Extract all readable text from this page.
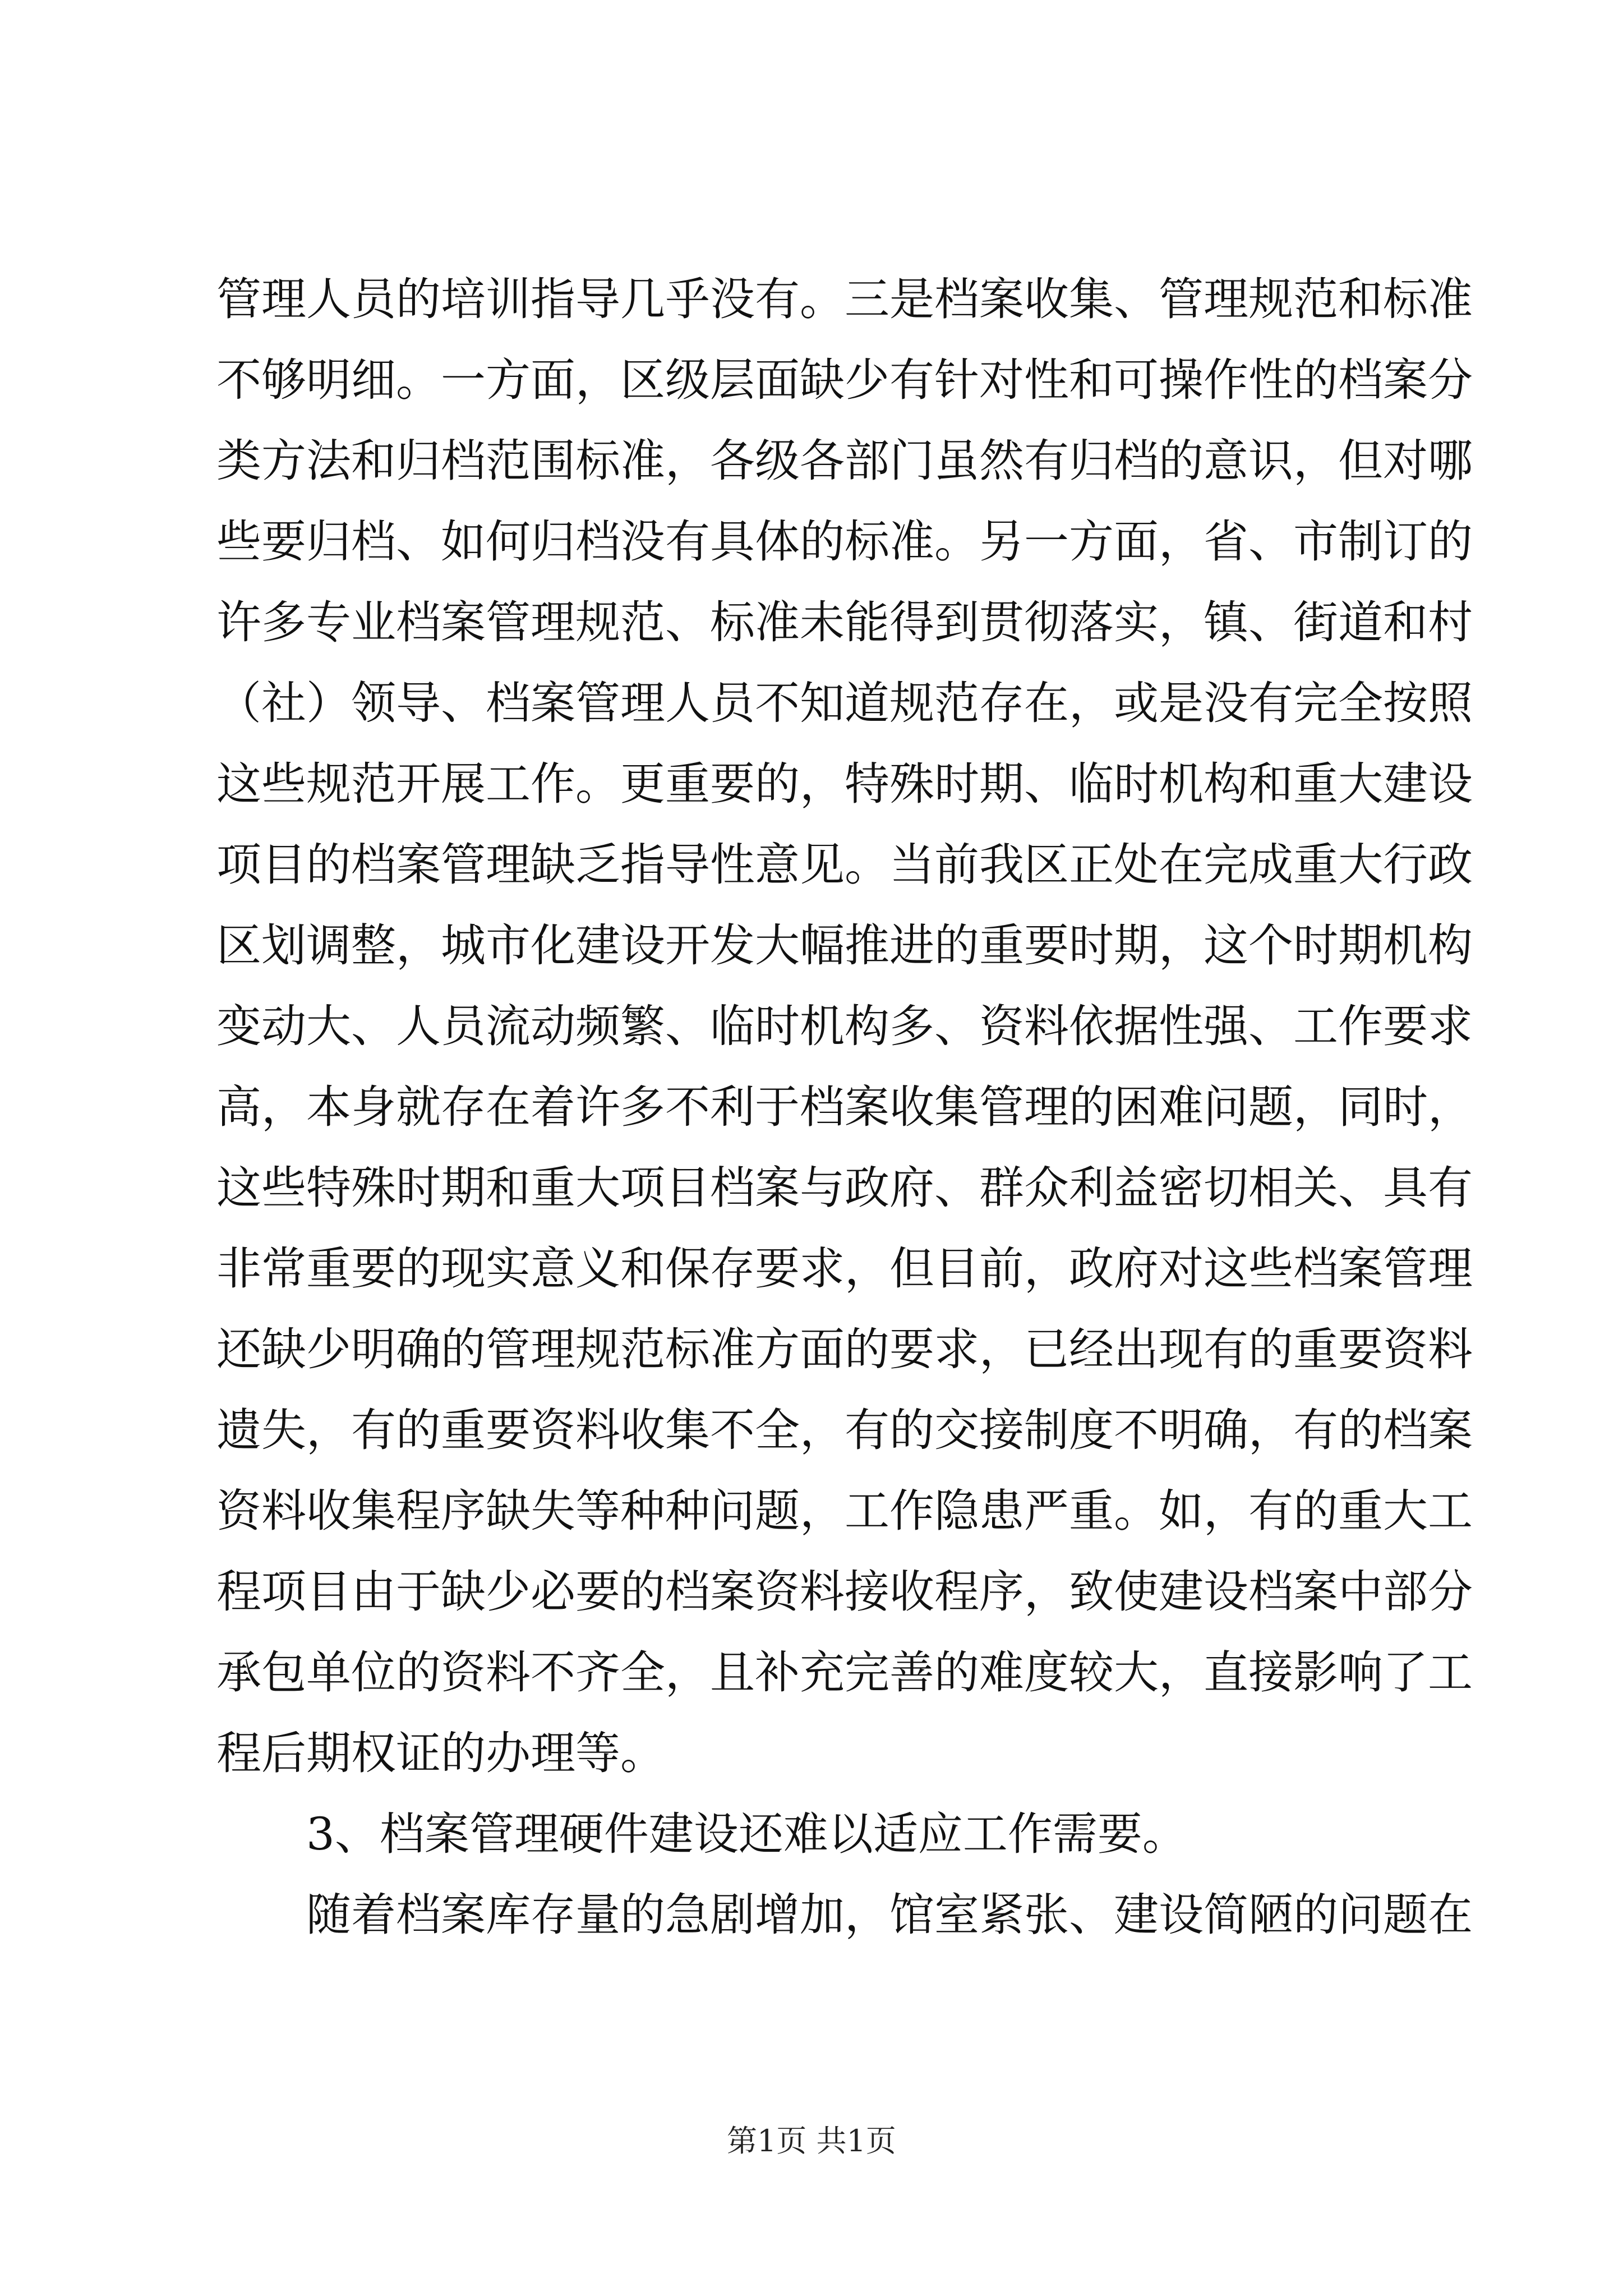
管理人员的培训指导几乎没有。三是档案收集、管理规范和标准
不够明细。一方面，区级层面缺少有针对性和可操作性的档案分
类方法和归档范围标准，各级各部门虽然有归档的意识，但对哪
些要归档、如何归档没有具体的标准。另一方面，省、市制订的
许多专业档案管理规范、标准未能得到贯彻落实，镇、街道和村
（社）领导、档案管理人员不知道规范存在，或是没有完全按照
这些规范开展工作。更重要的，特殊时期、临时机构和重大建设
项目的档案管理缺乏指导性意见。当前我区正处在完成重大行政
区划调整，城市化建设开发大幅推进的重要时期，这个时期机构
变动大、人员流动频繁、临时机构多、资料依据性强、工作要求
高，本身就存在着许多不利于档案收集管理的困难问题，同时，
这些特殊时期和重大项目档案与政府、群众利益密切相关、具有
非常重要的现实意义和保存要求，但目前，政府对这些档案管理
还缺少明确的管理规范标准方面的要求，已经出现有的重要资料
遗失，有的重要资料收集不全，有的交接制度不明确，有的档案
资料收集程序缺失等种种问题，工作隐患严重。如，有的重大工
程项目由于缺少必要的档案资料接收程序，致使建设档案中部分
承包单位的资料不齐全，且补充完善的难度较大，直接影响了工
程后期权证的办理等。
3、档案管理硬件建设还难以适应工作需要。
随着档案库存量的急剧增加，馆室紧张、建设简陋的问题在
第1页 共1页
